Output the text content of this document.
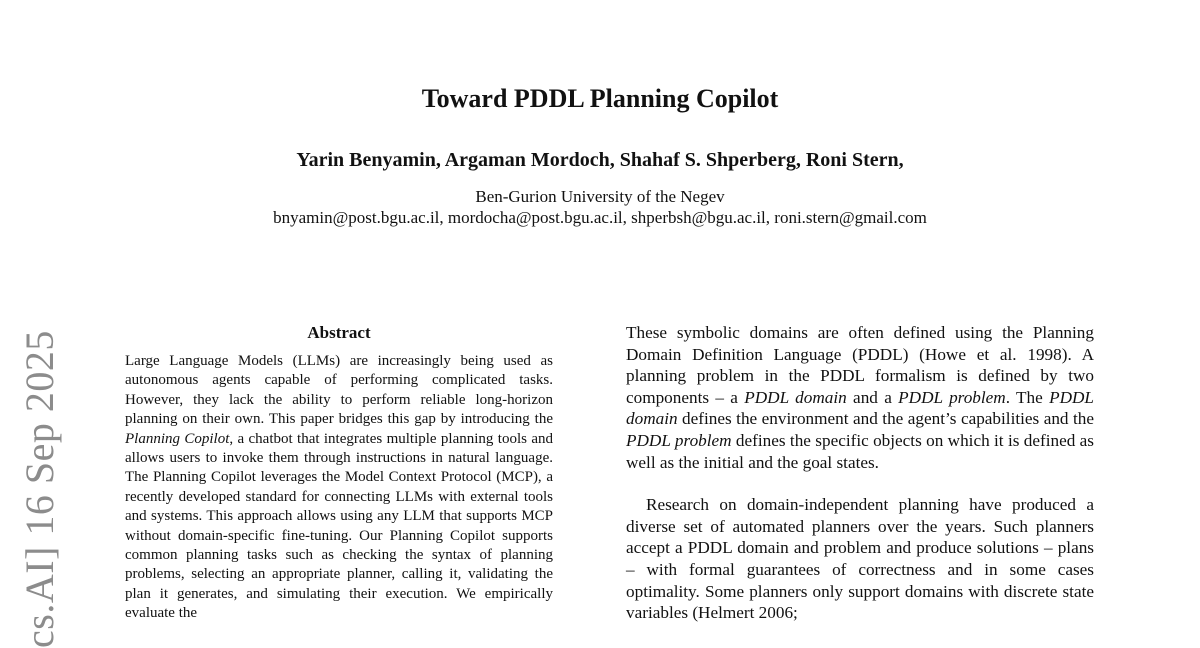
Toward PDDL Planning Copilot
Yarin Benyamin, Argaman Mordoch, Shahaf S. Shperberg, Roni Stern,
Ben-Gurion University of the Negev
bnyamin@post.bgu.ac.il, mordocha@post.bgu.ac.il, shperbsh@bgu.ac.il, roni.stern@gmail.com
cs.AI] 16 Sep 2025	Abstract

Large Language Models (LLMs) are increasingly being used as autonomous agents capable of performing complicated tasks. However, they lack the ability to perform reliable long-horizon planning on their own. This paper bridges this gap by introducing the Planning Copilot, a chatbot that integrates multiple planning tools and allows users to invoke them through instructions in natural language. The Planning Copilot leverages the Model Context Protocol (MCP), a recently developed standard for connecting LLMs with external tools and systems. This approach allows using any LLM that supports MCP without domain-specific fine-tuning. Our Planning Copilot supports common planning tasks such as checking the syntax of planning problems, selecting an appropriate planner, calling it, validating the plan it generates, and simulating their execution. We empirically evaluate the

These symbolic domains are often defined using the Planning Domain Definition Language (PDDL) (Howe et al. 1998). A planning problem in the PDDL formalism is defined by two components – a PDDL domain and a PDDL problem. The PDDL domain defines the environment and the agent’s capabilities and the PDDL problem defines the specific objects on which it is defined as well as the initial and the goal states.

Research on domain-independent planning have produced a diverse set of automated planners over the years. Such planners accept a PDDL domain and problem and produce solutions – plans – with formal guarantees of correctness and in some cases optimality. Some planners only support domains with discrete state variables (Helmert 2006;
